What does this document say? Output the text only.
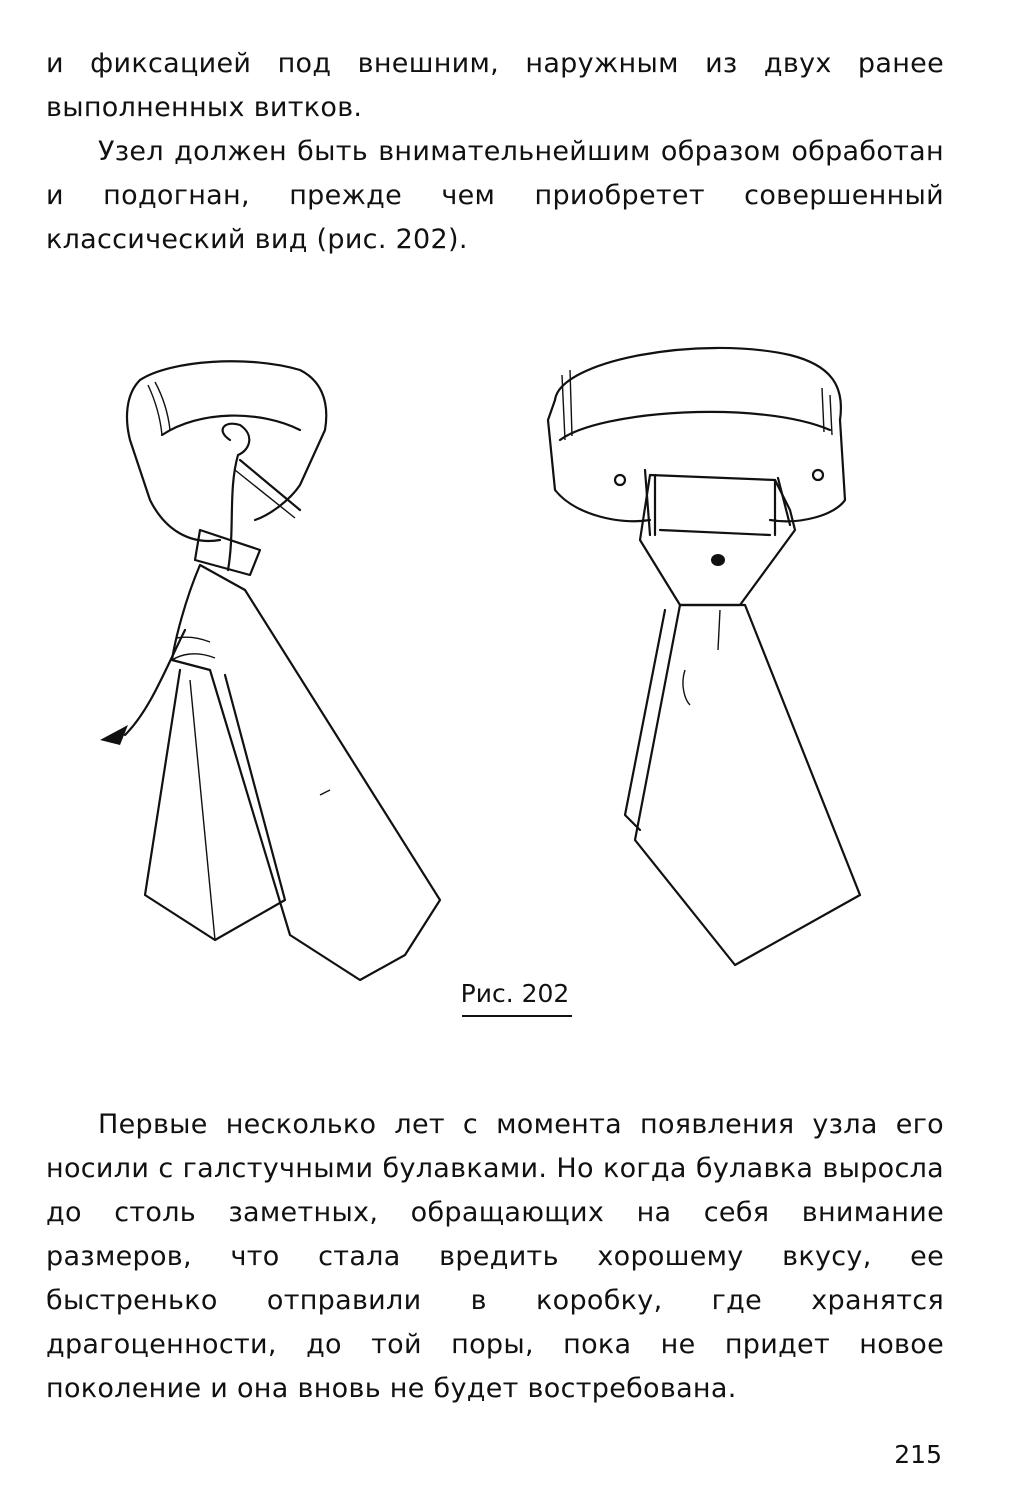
и фиксацией под внешним, наружным из двух ранее выполненных витков.

Узел должен быть внимательнейшим образом обработан и подогнан, прежде чем приобретет совершенный классический вид (рис. 202).

Рис. 202

Первые несколько лет с момента появления узла его носили с галстучными булавками. Но когда булавка выросла до столь заметных, обращающих на себя внимание размеров, что стала вредить хорошему вкусу, ее быстренько отправили в коробку, где хранятся драгоценности, до той поры, пока не придет новое поколение и она вновь не будет востребована.

215
